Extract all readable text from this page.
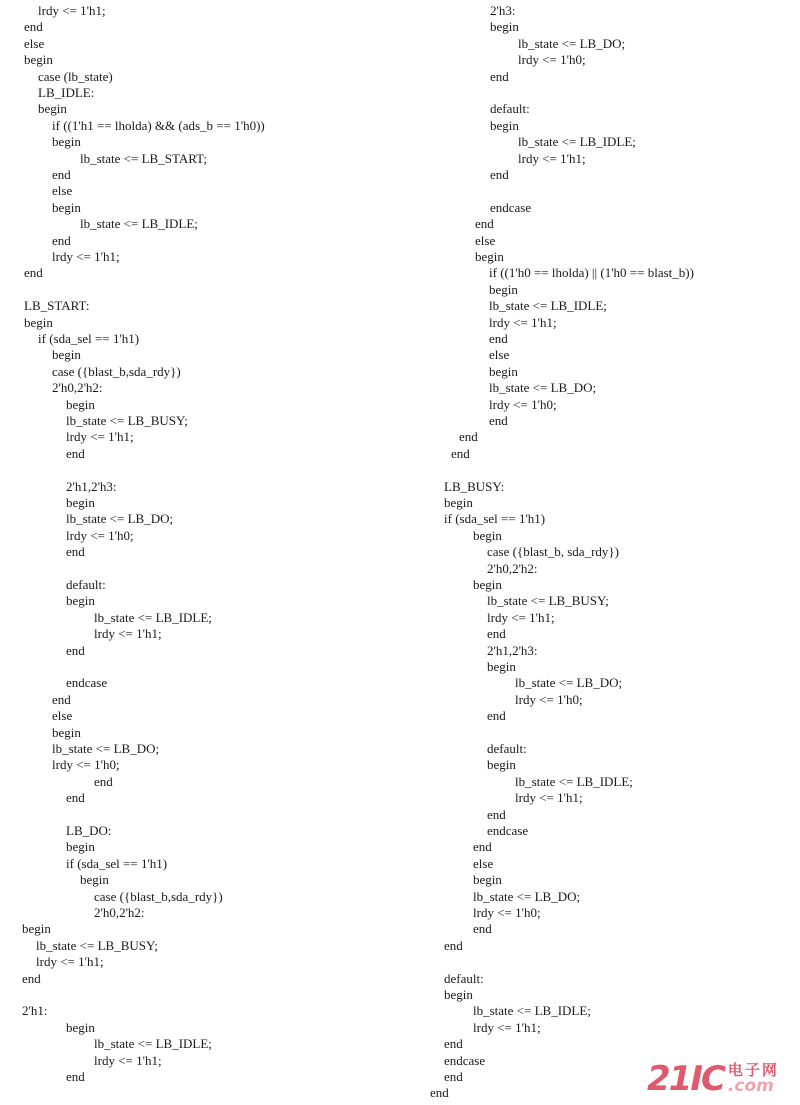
lrdy <= 1'h1;
end
else
begin
case (lb_state)
LB_IDLE:
begin
if ((1'h1 == lholda) && (ads_b == 1'h0))
begin
lb_state <= LB_START;
end
else
begin
lb_state <= LB_IDLE;
end
lrdy <= 1'h1;
end
LB_START:
begin
if (sda_sel == 1'h1)
begin
case ({blast_b,sda_rdy})
2'h0,2'h2:
begin
lb_state <= LB_BUSY;
lrdy <= 1'h1;
end
2'h1,2'h3:
begin
lb_state <= LB_DO;
lrdy <= 1'h0;
end
default:
begin
lb_state <= LB_IDLE;
lrdy <= 1'h1;
end
endcase
end
else
begin
lb_state <= LB_DO;
lrdy <= 1'h0;
end
end
LB_DO:
begin
if (sda_sel == 1'h1)
begin
case ({blast_b,sda_rdy})
2'h0,2'h2:
begin
lb_state <= LB_BUSY;
lrdy <= 1'h1;
end
2'h1:
begin
lb_state <= LB_IDLE;
lrdy <= 1'h1;
end
2'h3:
begin
lb_state <= LB_DO;
lrdy <= 1'h0;
end
default:
begin
lb_state <= LB_IDLE;
lrdy <= 1'h1;
end
endcase
end
else
begin
if ((1'h0 == lholda) || (1'h0 == blast_b))
begin
lb_state <= LB_IDLE;
lrdy <= 1'h1;
end
else
begin
lb_state <= LB_DO;
lrdy <= 1'h0;
end
end
end
LB_BUSY:
begin
if (sda_sel == 1'h1)
begin
case ({blast_b, sda_rdy})
2'h0,2'h2:
begin
lb_state <= LB_BUSY;
lrdy <= 1'h1;
end
2'h1,2'h3:
begin
lb_state <= LB_DO;
lrdy <= 1'h0;
end
default:
begin
lb_state <= LB_IDLE;
lrdy <= 1'h1;
end
endcase
end
else
begin
lb_state <= LB_DO;
lrdy <= 1'h0;
end
end
default:
begin
lb_state <= LB_IDLE;
lrdy <= 1'h1;
end
endcase
end
end	21IC 电子网
.com
